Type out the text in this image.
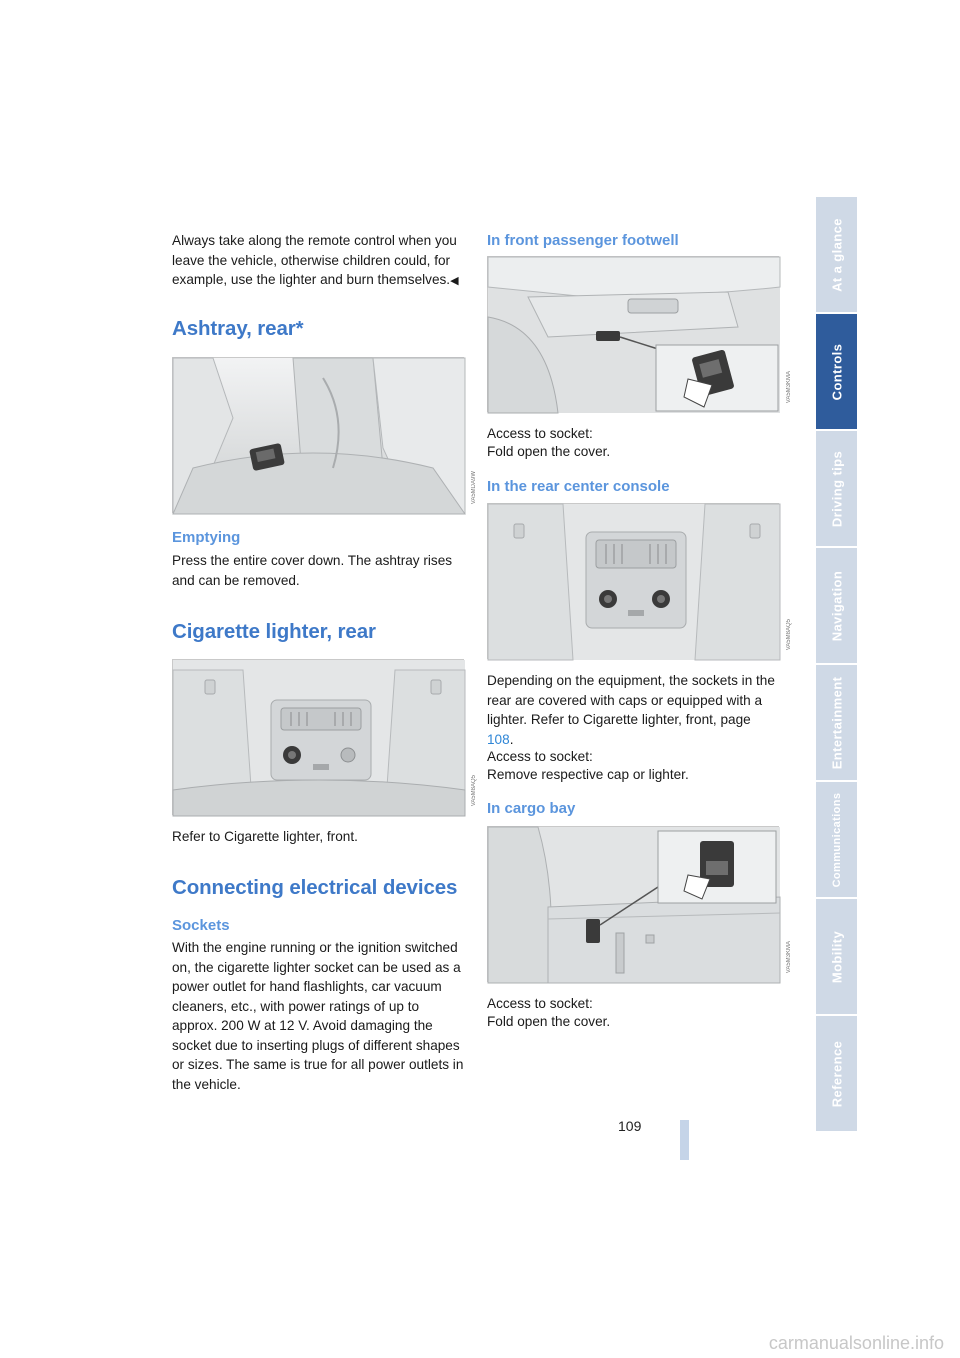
Always take along the remote control when you leave the vehicle, otherwise children could, for example, use the lighter and burn themselves.◀

Ashtray, rear*
VA5MDA9W
Emptying

Press the entire cover down. The ashtray rises and can be removed.

Cigarette lighter, rear
VA5M8AQ5

Refer to Cigarette lighter, front.

Connecting electrical devices
Sockets

With the engine running or the ignition switched on, the cigarette lighter socket can be used as a power outlet for hand flashlights, car vacuum cleaners, etc., with power ratings of up to approx. 200 W at 12 V. Avoid damaging the socket due to inserting plugs of different shapes or sizes. The same is true for all power outlets in the vehicle.

In front passenger footwell
VA5M3KMA

Access to socket:

Fold open the cover.

In the rear center console
VA5M8AQ5

Depending on the equipment, the sockets in the rear are covered with caps or equipped with a lighter. Refer to Cigarette lighter, front, page 108.

Access to socket:

Remove respective cap or lighter.

In cargo bay
VA5M3KMA

Access to socket:

Fold open the cover.

At a glance
Controls
Driving tips
Navigation
Entertainment
Communications
Mobility
Reference
109
carmanualsonline.info
